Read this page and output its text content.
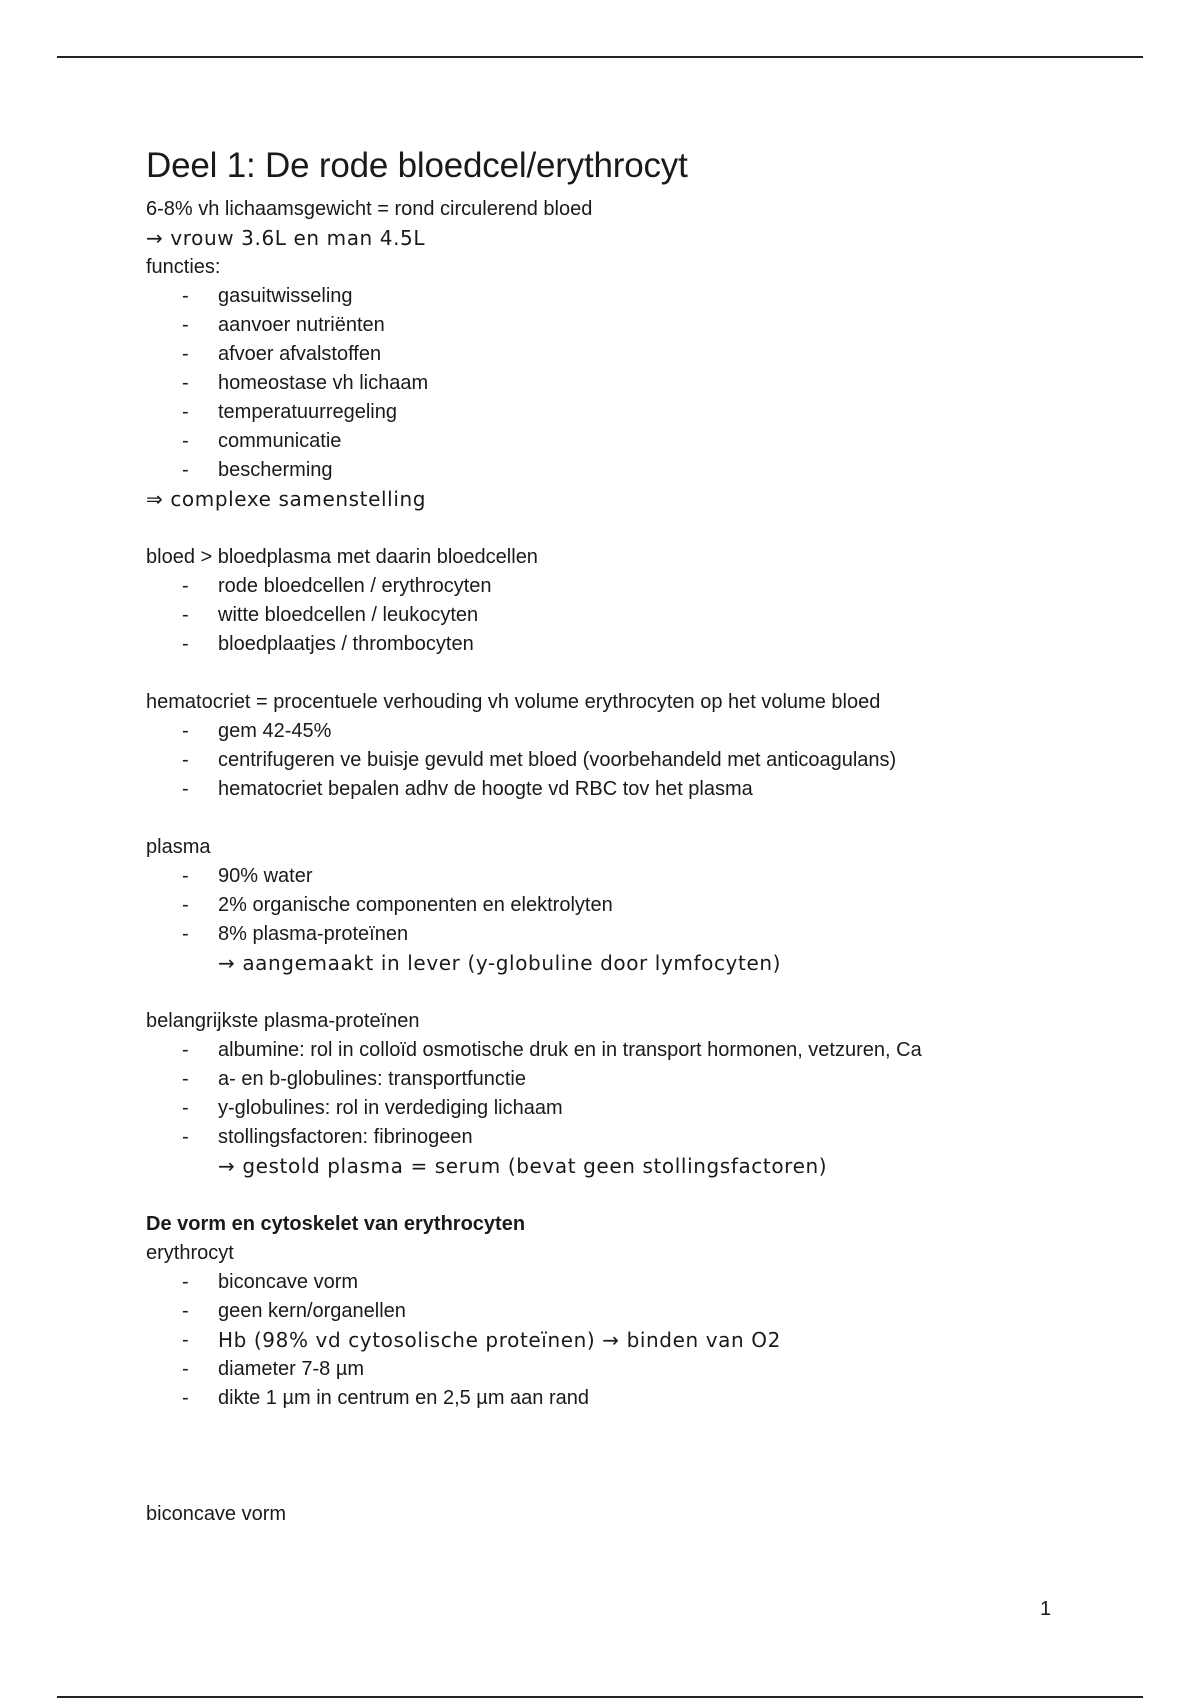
Deel 1: De rode bloedcel/erythrocyt
6-8% vh lichaamsgewicht = rond circulerend bloed
→ vrouw 3.6L en man 4.5L
functies:
- gasuitwisseling
- aanvoer nutriënten
- afvoer afvalstoffen
- homeostase vh lichaam
- temperatuurregeling
- communicatie
- bescherming
⇒ complexe samenstelling
bloed > bloedplasma met daarin bloedcellen
- rode bloedcellen / erythrocyten
- witte bloedcellen / leukocyten
- bloedplaatjes / thrombocyten
hematocriet = procentuele verhouding vh volume erythrocyten op het volume bloed
- gem 42-45%
- centrifugeren ve buisje gevuld met bloed (voorbehandeld met anticoagulans)
- hematocriet bepalen adhv de hoogte vd RBC tov het plasma
plasma
- 90% water
- 2% organische componenten en elektrolyten
- 8% plasma-proteïnen
→ aangemaakt in lever (y-globuline door lymfocyten)
belangrijkste plasma-proteïnen
- albumine: rol in colloïd osmotische druk en in transport hormonen, vetzuren, Ca
- a- en b-globulines: transportfunctie
- y-globulines: rol in verdediging lichaam
- stollingsfactoren: fibrinogeen
→ gestold plasma = serum (bevat geen stollingsfactoren)
De vorm en cytoskelet van erythrocyten
erythrocyt
- biconcave vorm
- geen kern/organellen
- Hb (98% vd cytosolische proteïnen) → binden van O2
- diameter 7-8 µm
- dikte 1 µm in centrum en 2,5 µm aan rand
biconcave vorm
1
